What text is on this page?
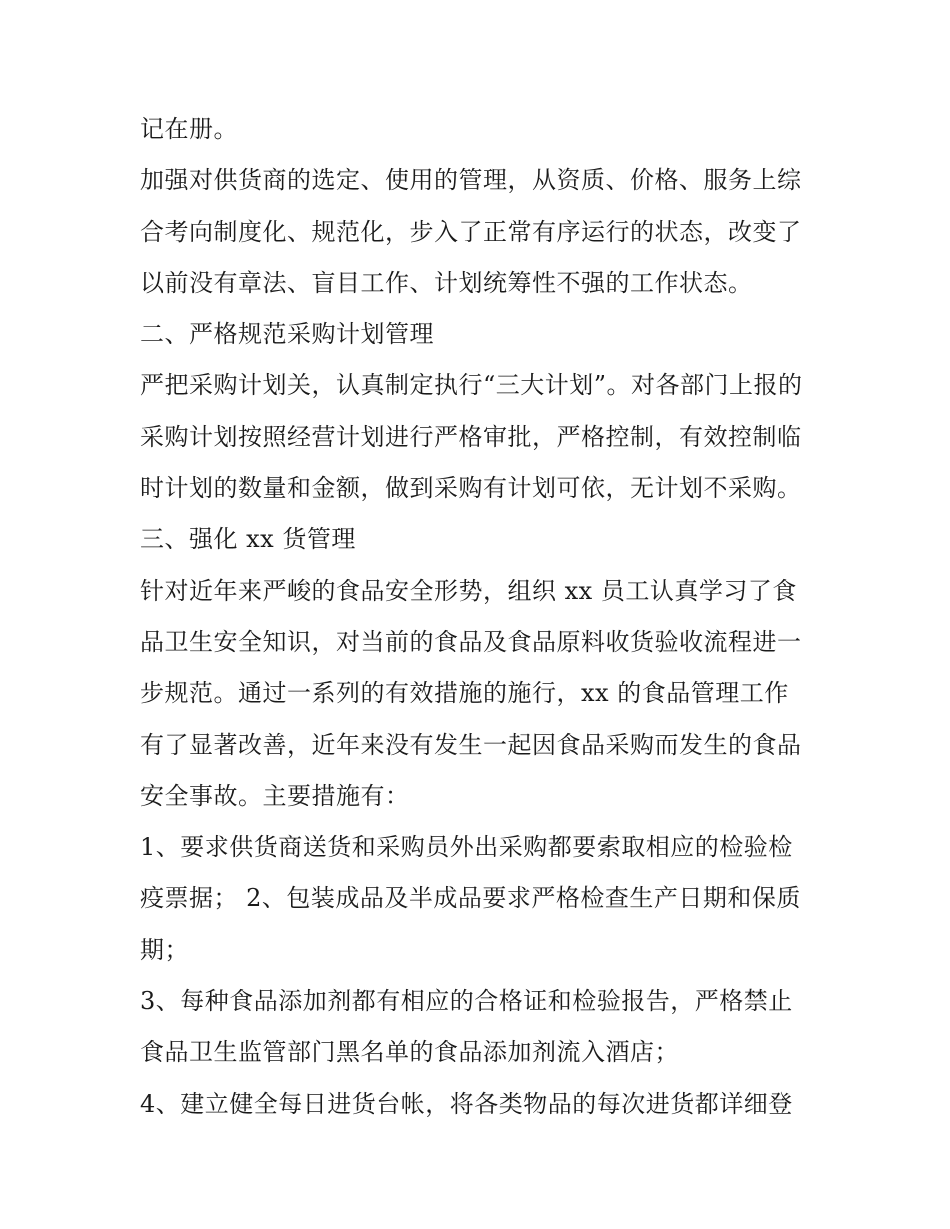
记在册。
加强对供货商的选定、使用的管理，从资质、价格、服务上综
合考向制度化、规范化，步入了正常有序运行的状态，改变了
以前没有章法、盲目工作、计划统筹性不强的工作状态。
二、严格规范采购计划管理
严把采购计划关，认真制定执行“三大计划”。对各部门上报的
采购计划按照经营计划进行严格审批，严格控制，有效控制临
时计划的数量和金额，做到采购有计划可依，无计划不采购。
三、强化 xx 货管理
针对近年来严峻的食品安全形势，组织 xx 员工认真学习了食
品卫生安全知识，对当前的食品及食品原料收货验收流程进一
步规范。通过一系列的有效措施的施行，xx 的食品管理工作
有了显著改善，近年来没有发生一起因食品采购而发生的食品
安全事故。主要措施有：
1、要求供货商送货和采购员外出采购都要索取相应的检验检
疫票据； 2、包装成品及半成品要求严格检查生产日期和保质
期；
3、每种食品添加剂都有相应的合格证和检验报告，严格禁止
食品卫生监管部门黑名单的食品添加剂流入酒店；
4、建立健全每日进货台帐，将各类物品的每次进货都详细登
